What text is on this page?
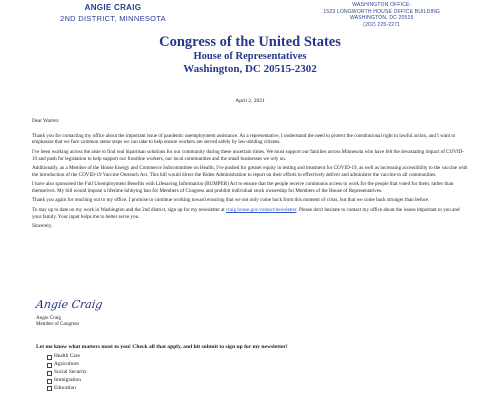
ANGIE CRAIG
2ND DISTRICT, MINNESOTA
WASHINGTON OFFICE:
1523 LONGWORTH HOUSE OFFICE BUILDING
WASHINGTON, DC 20515
(202) 225-2271
Congress of the United States
House of Representatives
Washington, DC 20515-2302
April 2, 2021
Dear Warren:

Thank you for contacting my office about the important issue of pandemic unemployment assistance. As a representative, I understand the need to protect the constitutional right to lawful action, and I want to emphasize that we face common sense steps we can take to help ensure workers are served safely by law-abiding citizens.

I've been working across the aisle to find real bipartisan solutions for our community during these uncertain times. We must support our families across Minnesota who have felt the devastating impact of COVID-19 and push for legislation to help support our frontline workers, our local communities and the small businesses we rely on.

Additionally, as a Member of the House Energy and Commerce Subcommittee on Health, I've pushed for greater equity in testing and treatment for COVID-19, as well as increasing accessibility to the vaccine with the introduction of the COVID-19 Vaccine Outreach Act. This bill would direct the Biden Administration to report on their efforts to effectively deliver and administer the vaccine to all communities.

I have also sponsored the Full Unemployment Benefits with Lifesaving Information (BUMPER) Act to ensure that the people receive continuous access to work for the people that voted for them, rather than themselves. My bill would impose a lifetime lobbying ban for Members of Congress and prohibit individual stock ownership for Members of the House of Representatives.

Thank you again for reaching out to my office. I promise to continue working toward ensuring that we not only come back from this moment of crisis, but that we come back stronger than before.

To stay up to date on my work in Washington and the 2nd district, sign up for my newsletter at craig.house.gov/contact/newsletter. Please don't hesitate to contact my office about the issues important to you and your family. Your input helps me to better serve you.

Sincerely,

Angie Craig
Angie Craig
Member of Congress
Let me know what matters most to you! Check all that apply, and hit submit to sign up for my newsletter!
Health Care
Agriculture
Social Security
Immigration
Education
